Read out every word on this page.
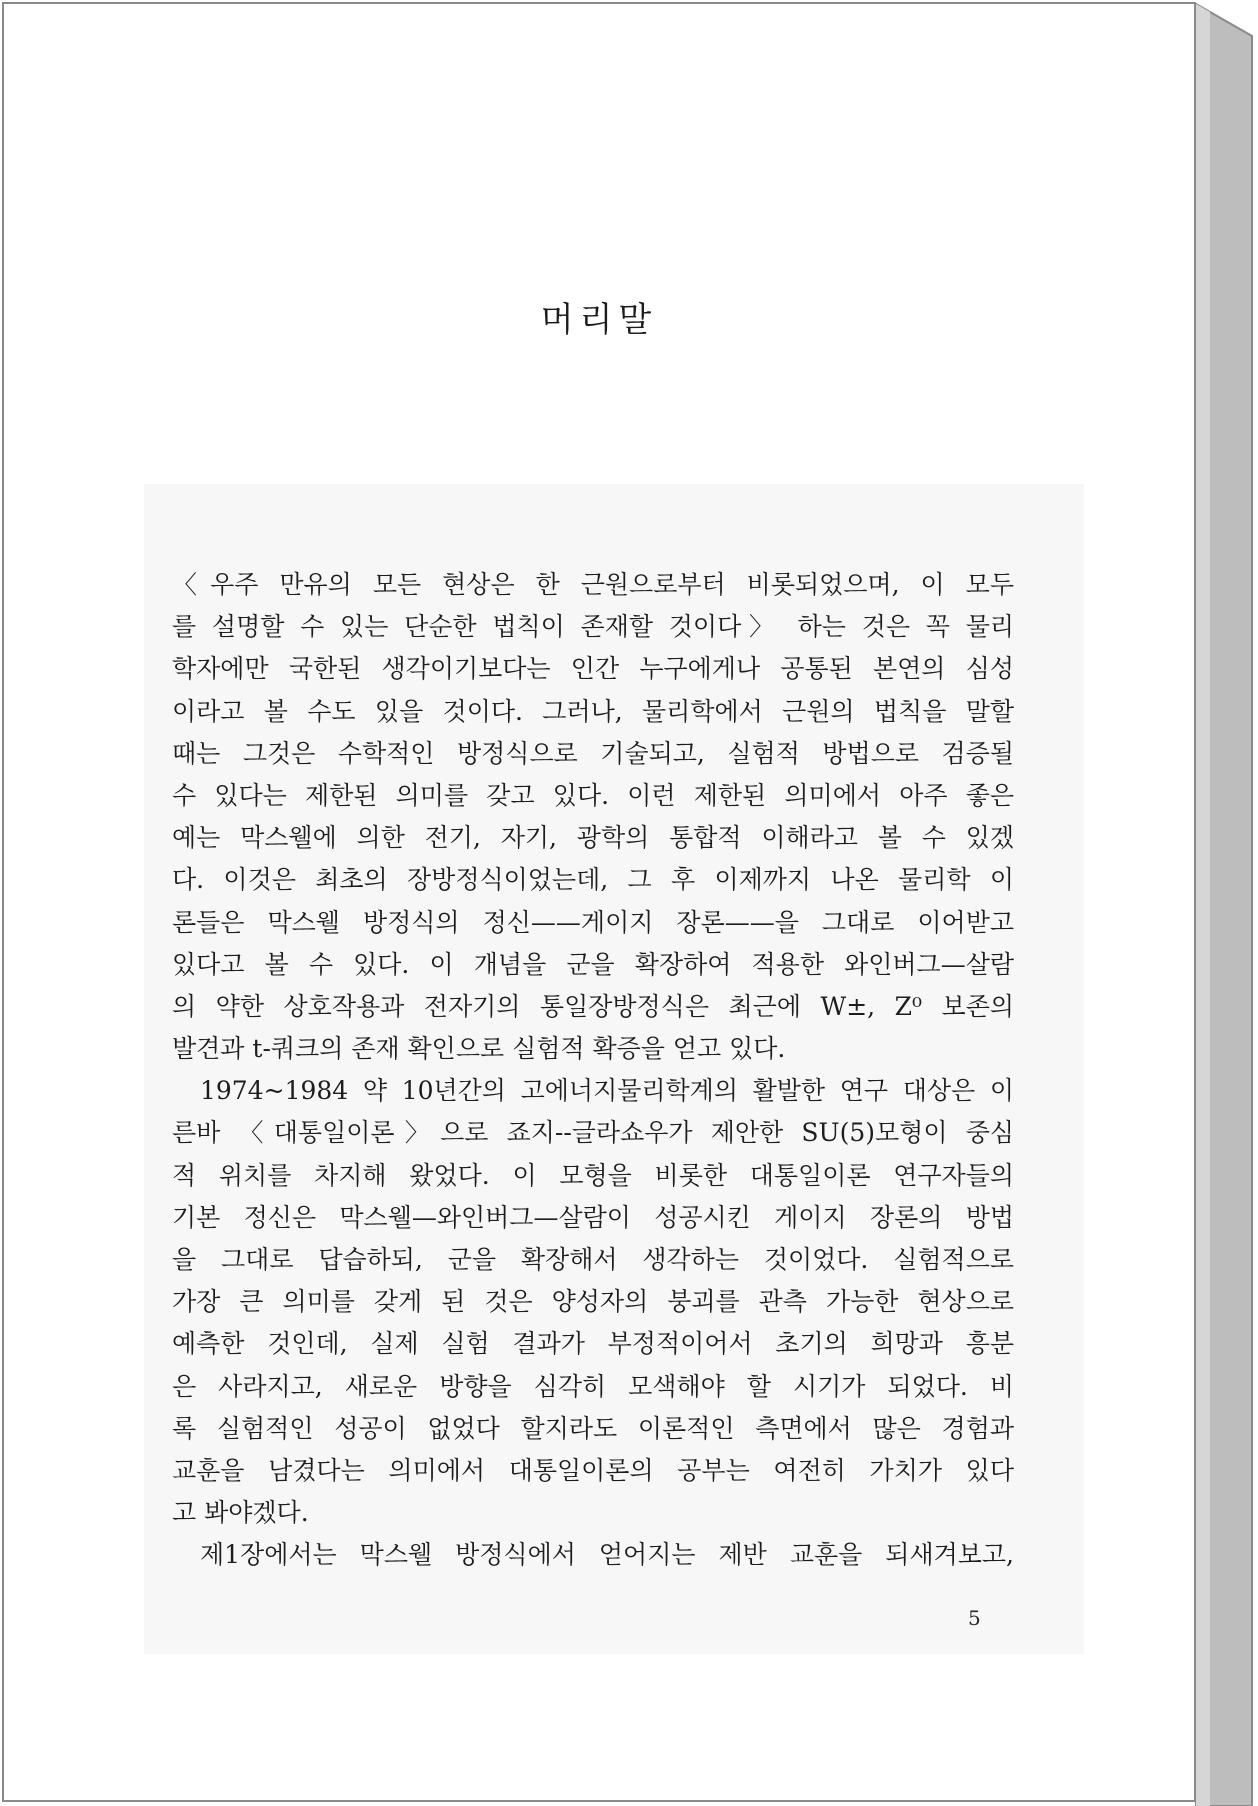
머리말

〈우주 만유의 모든 현상은 한 근원으로부터 비롯되었으며, 이 모두
를 설명할 수 있는 단순한 법칙이 존재할 것이다〉 하는 것은 꼭 물리
학자에만 국한된 생각이기보다는 인간 누구에게나 공통된 본연의 심성
이라고 볼 수도 있을 것이다. 그러나, 물리학에서 근원의 법칙을 말할
때는 그것은 수학적인 방정식으로 기술되고, 실험적 방법으로 검증될
수 있다는 제한된 의미를 갖고 있다. 이런 제한된 의미에서 아주 좋은
예는 막스웰에 의한 전기, 자기, 광학의 통합적 이해라고 볼 수 있겠
다. 이것은 최초의 장방정식이었는데, 그 후 이제까지 나온 물리학 이
론들은 막스웰 방정식의 정신——게이지 장론——을 그대로 이어받고
있다고 볼 수 있다. 이 개념을 군을 확장하여 적용한 와인버그—살람
의 약한 상호작용과 전자기의 통일장방정식은 최근에 W±, Z⁰ 보존의
발견과 t-쿼크의 존재 확인으로 실험적 확증을 얻고 있다.

1974~1984 약 10년간의 고에너지물리학계의 활발한 연구 대상은 이
른바 〈대통일이론〉으로 죠지--글라쇼우가 제안한 SU(5)모형이 중심
적 위치를 차지해 왔었다. 이 모형을 비롯한 대통일이론 연구자들의
기본 정신은 막스웰—와인버그—살람이 성공시킨 게이지 장론의 방법
을 그대로 답습하되, 군을 확장해서 생각하는 것이었다. 실험적으로
가장 큰 의미를 갖게 된 것은 양성자의 붕괴를 관측 가능한 현상으로
예측한 것인데, 실제 실험 결과가 부정적이어서 초기의 희망과 흥분
은 사라지고, 새로운 방향을 심각히 모색해야 할 시기가 되었다. 비
록 실험적인 성공이 없었다 할지라도 이론적인 측면에서 많은 경험과
교훈을 남겼다는 의미에서 대통일이론의 공부는 여전히 가치가 있다
고 봐야겠다.

제1장에서는 막스웰 방정식에서 얻어지는 제반 교훈을 되새겨보고,

5
